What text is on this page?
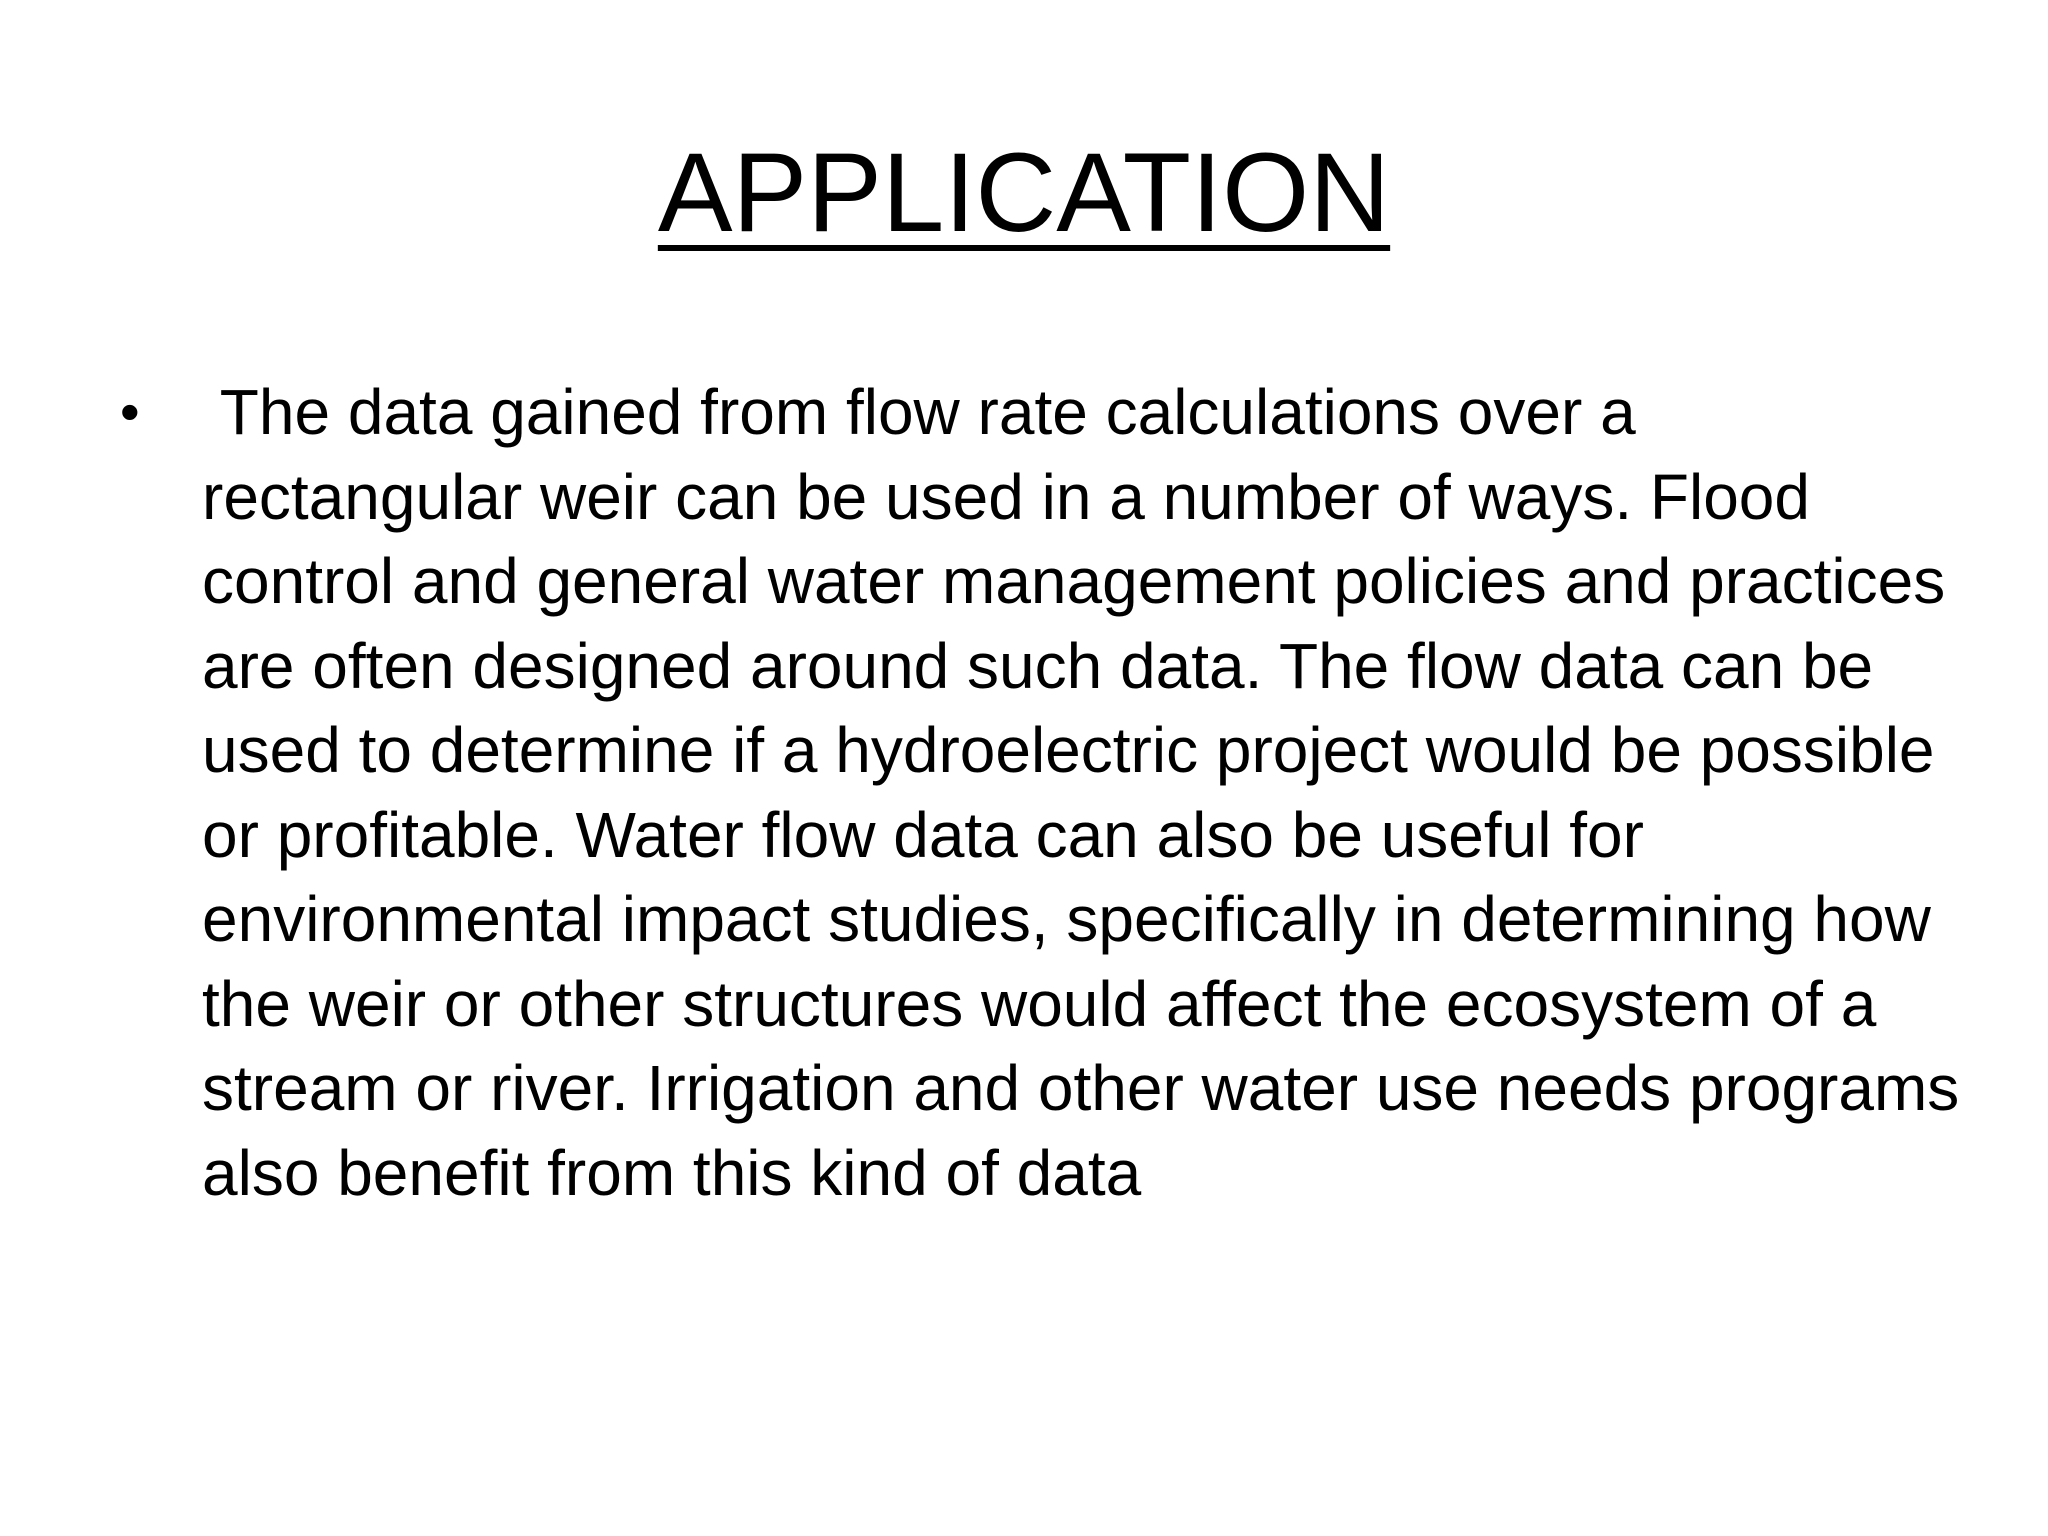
APPLICATION
• The data gained from flow rate calculations over a rectangular weir can be used in a number of ways. Flood control and general water management policies and practices are often designed around such data. The flow data can be used to determine if a hydroelectric project would be possible or profitable. Water flow data can also be useful for environmental impact studies, specifically in determining how the weir or other structures would affect the ecosystem of a stream or river. Irrigation and other water use needs programs also benefit from this kind of data
